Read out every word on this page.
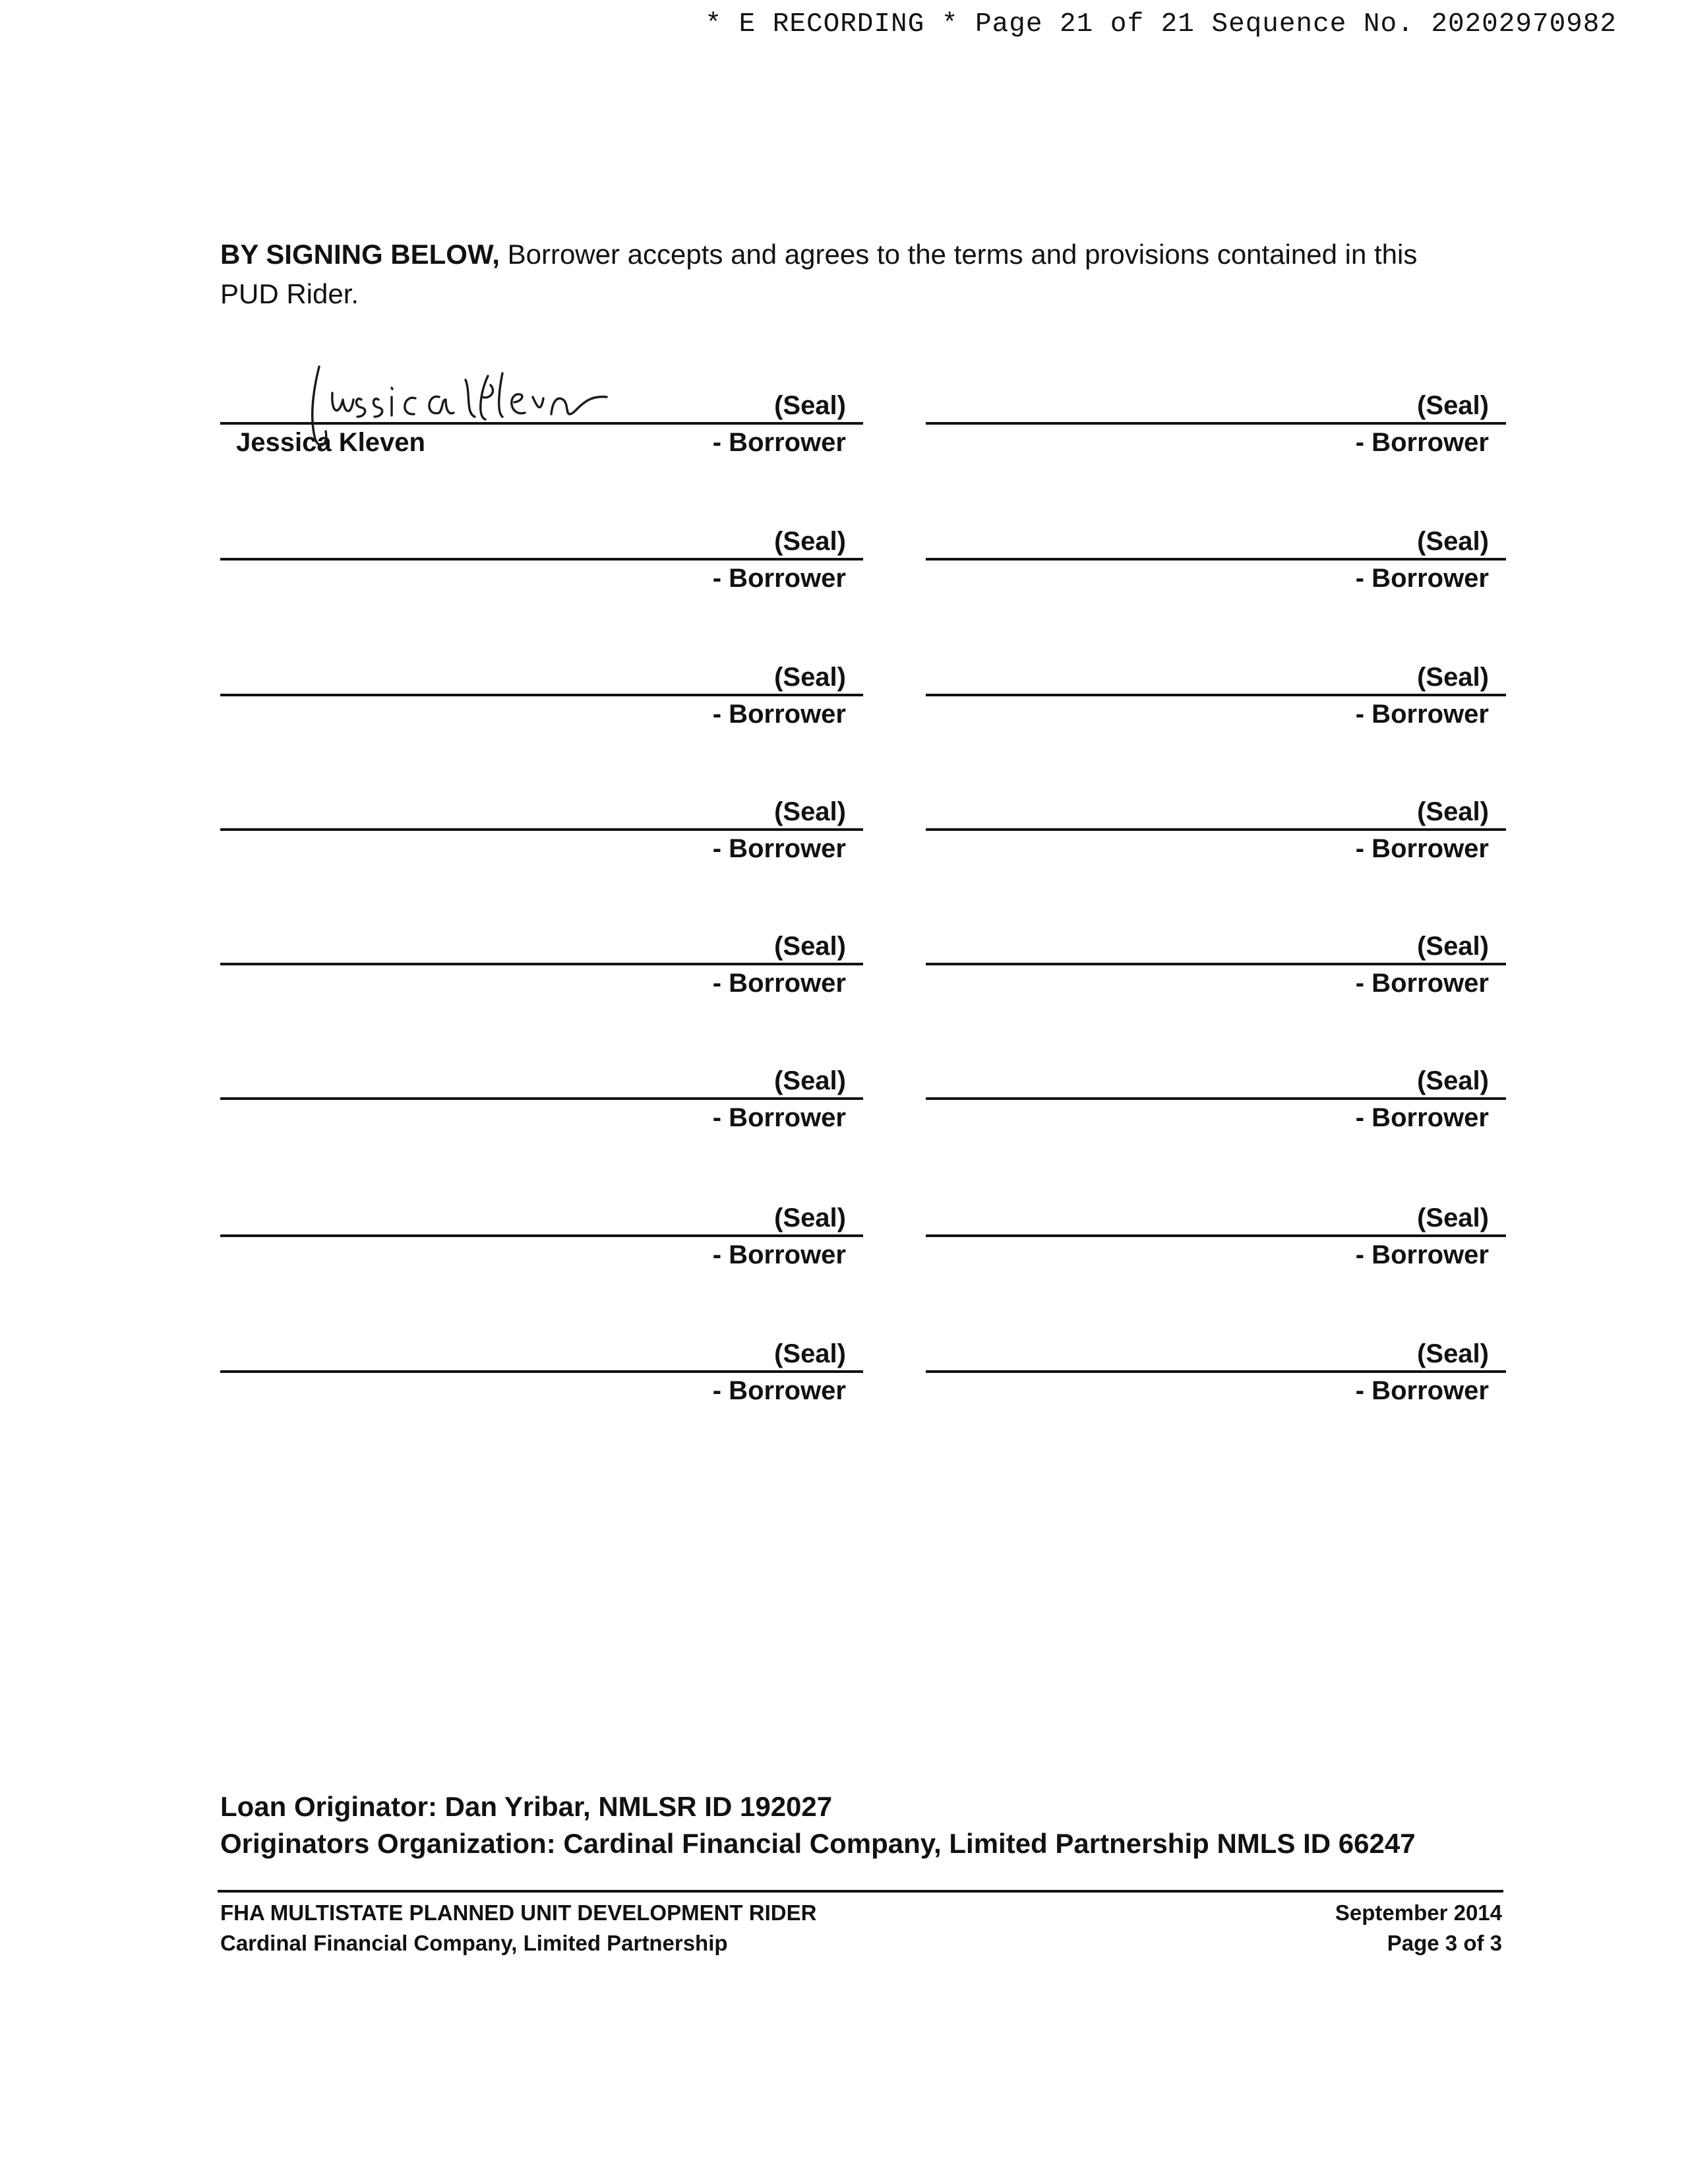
* E RECORDING * Page 21 of 21 Sequence No. 20202970982
BY SIGNING BELOW, Borrower accepts and agrees to the terms and provisions contained in this PUD Rider.
(Seal)
- Borrower
Jessica Kleven
(Seal)
- Borrower
(Seal)
- Borrower
(Seal)
- Borrower
(Seal)
- Borrower
(Seal)
- Borrower
(Seal)
- Borrower
(Seal)
- Borrower
(Seal)
- Borrower
(Seal)
- Borrower
(Seal)
- Borrower
(Seal)
- Borrower
(Seal)
- Borrower
(Seal)
- Borrower
(Seal)
- Borrower
(Seal)
- Borrower
Loan Originator: Dan Yribar, NMLSR ID 192027
Originators Organization: Cardinal Financial Company, Limited Partnership NMLS ID 66247
FHA MULTISTATE PLANNED UNIT DEVELOPMENT RIDER
Cardinal Financial Company, Limited Partnership
September 2014
Page 3 of 3
